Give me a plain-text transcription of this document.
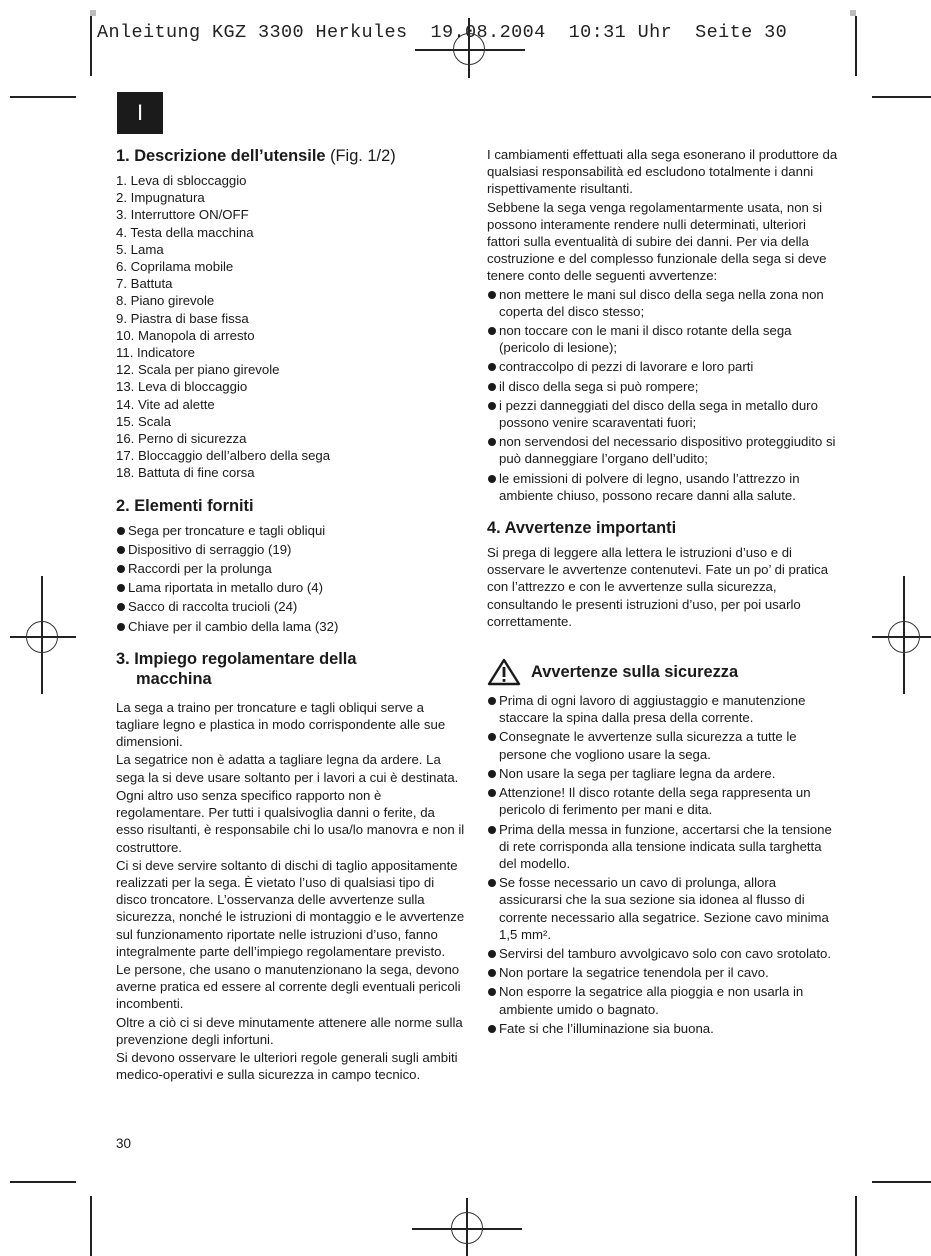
Anleitung KGZ 3300 Herkules  19.08.2004  10:31 Uhr  Seite 30
I
1. Descrizione dell’utensile (Fig. 1/2)
1. Leva di sbloccaggio
2. Impugnatura
3. Interruttore ON/OFF
4. Testa della macchina
5. Lama
6. Coprilama mobile
7. Battuta
8. Piano girevole
9. Piastra di base fissa
10. Manopola di arresto
11. Indicatore
12. Scala per piano girevole
13. Leva di bloccaggio
14. Vite ad alette
15. Scala
16. Perno di sicurezza
17. Bloccaggio dell’albero della sega
18. Battuta di fine corsa
2. Elementi forniti
Sega per troncature e tagli obliqui
Dispositivo di serraggio (19)
Raccordi per la prolunga
Lama riportata in metallo duro (4)
Sacco di raccolta trucioli (24)
Chiave per il cambio della lama (32)
3. Impiego regolamentare della
macchina

La sega a traino per troncature e tagli obliqui serve a tagliare legno e plastica in modo corrispondente alle sue dimensioni.

La segatrice non è adatta a tagliare legna da ardere. La sega la si deve usare soltanto per i lavori a cui è destinata.

Ogni altro uso senza specifico rapporto non è regolamentare. Per tutti i qualsivoglia danni o ferite, da esso risultanti, è responsabile chi lo usa/lo manovra e non il costruttore.

Ci si deve servire soltanto di dischi di taglio appositamente realizzati per la sega. È vietato l’uso di qualsiasi tipo di disco troncatore. L’osservanza delle avvertenze sulla sicurezza, nonché le istruzioni di montaggio e le avvertenze sul funzionamento riportate nelle istruzioni d’uso, fanno integralmente parte dell’impiego regolamentare previsto.

Le persone, che usano o manutenzionano la sega, devono averne pratica ed essere al corrente degli eventuali pericoli incombenti.

Oltre a ciò ci si deve minutamente attenere alle norme sulla prevenzione degli infortuni.

Si devono osservare le ulteriori regole generali sugli ambiti medico-operativi e sulla sicurezza in campo tecnico.

I cambiamenti effettuati alla sega esonerano il produttore da qualsiasi responsabilità ed escludono totalmente i danni rispettivamente risultanti.

Sebbene la sega venga regolamentarmente usata, non si possono interamente rendere nulli determinati, ulteriori fattori sulla eventualità di subire dei danni. Per via della costruzione e del complesso funzionale della sega si deve tenere conto delle seguenti avvertenze:

non mettere le mani sul disco della sega nella zona non coperta del disco stesso;
non toccare con le mani il disco rotante della sega (pericolo di lesione);
contraccolpo di pezzi di lavorare e loro parti
il disco della sega si può rompere;
i pezzi danneggiati del disco della sega in metallo duro possono venire scaraventati fuori;
non servendosi del necessario dispositivo proteggiudito si può danneggiare l’organo dell’udito;
le emissioni di polvere di legno, usando l’attrezzo in ambiente chiuso, possono recare danni alla salute.
4. Avvertenze importanti

Si prega di leggere alla lettera le istruzioni d’uso e di osservare le avvertenze contenutevi. Fate un po’ di pratica con l’attrezzo e con le avvertenze sulla sicurezza, consultando le presenti istruzioni d’uso, per poi usarlo correttamente.

Avvertenze sulla sicurezza
Prima di ogni lavoro di aggiustaggio e manutenzione staccare la spina dalla presa della corrente.
Consegnate le avvertenze sulla sicurezza a tutte le persone che vogliono usare la sega.
Non usare la sega per tagliare legna da ardere.
Attenzione! Il disco rotante della sega rappresenta un pericolo di ferimento per mani e dita.
Prima della messa in funzione, accertarsi che la tensione di rete corrisponda alla tensione indicata sulla targhetta del modello.
Se fosse necessario un cavo di prolunga, allora assicurarsi che la sua sezione sia idonea al flusso di corrente necessario alla segatrice. Sezione cavo minima 1,5 mm².
Servirsi del tamburo avvolgicavo solo con cavo srotolato.
Non portare la segatrice tenendola per il cavo.
Non esporre la segatrice alla pioggia e non usarla in ambiente umido o bagnato.
Fate si che l’illuminazione sia buona.
30
